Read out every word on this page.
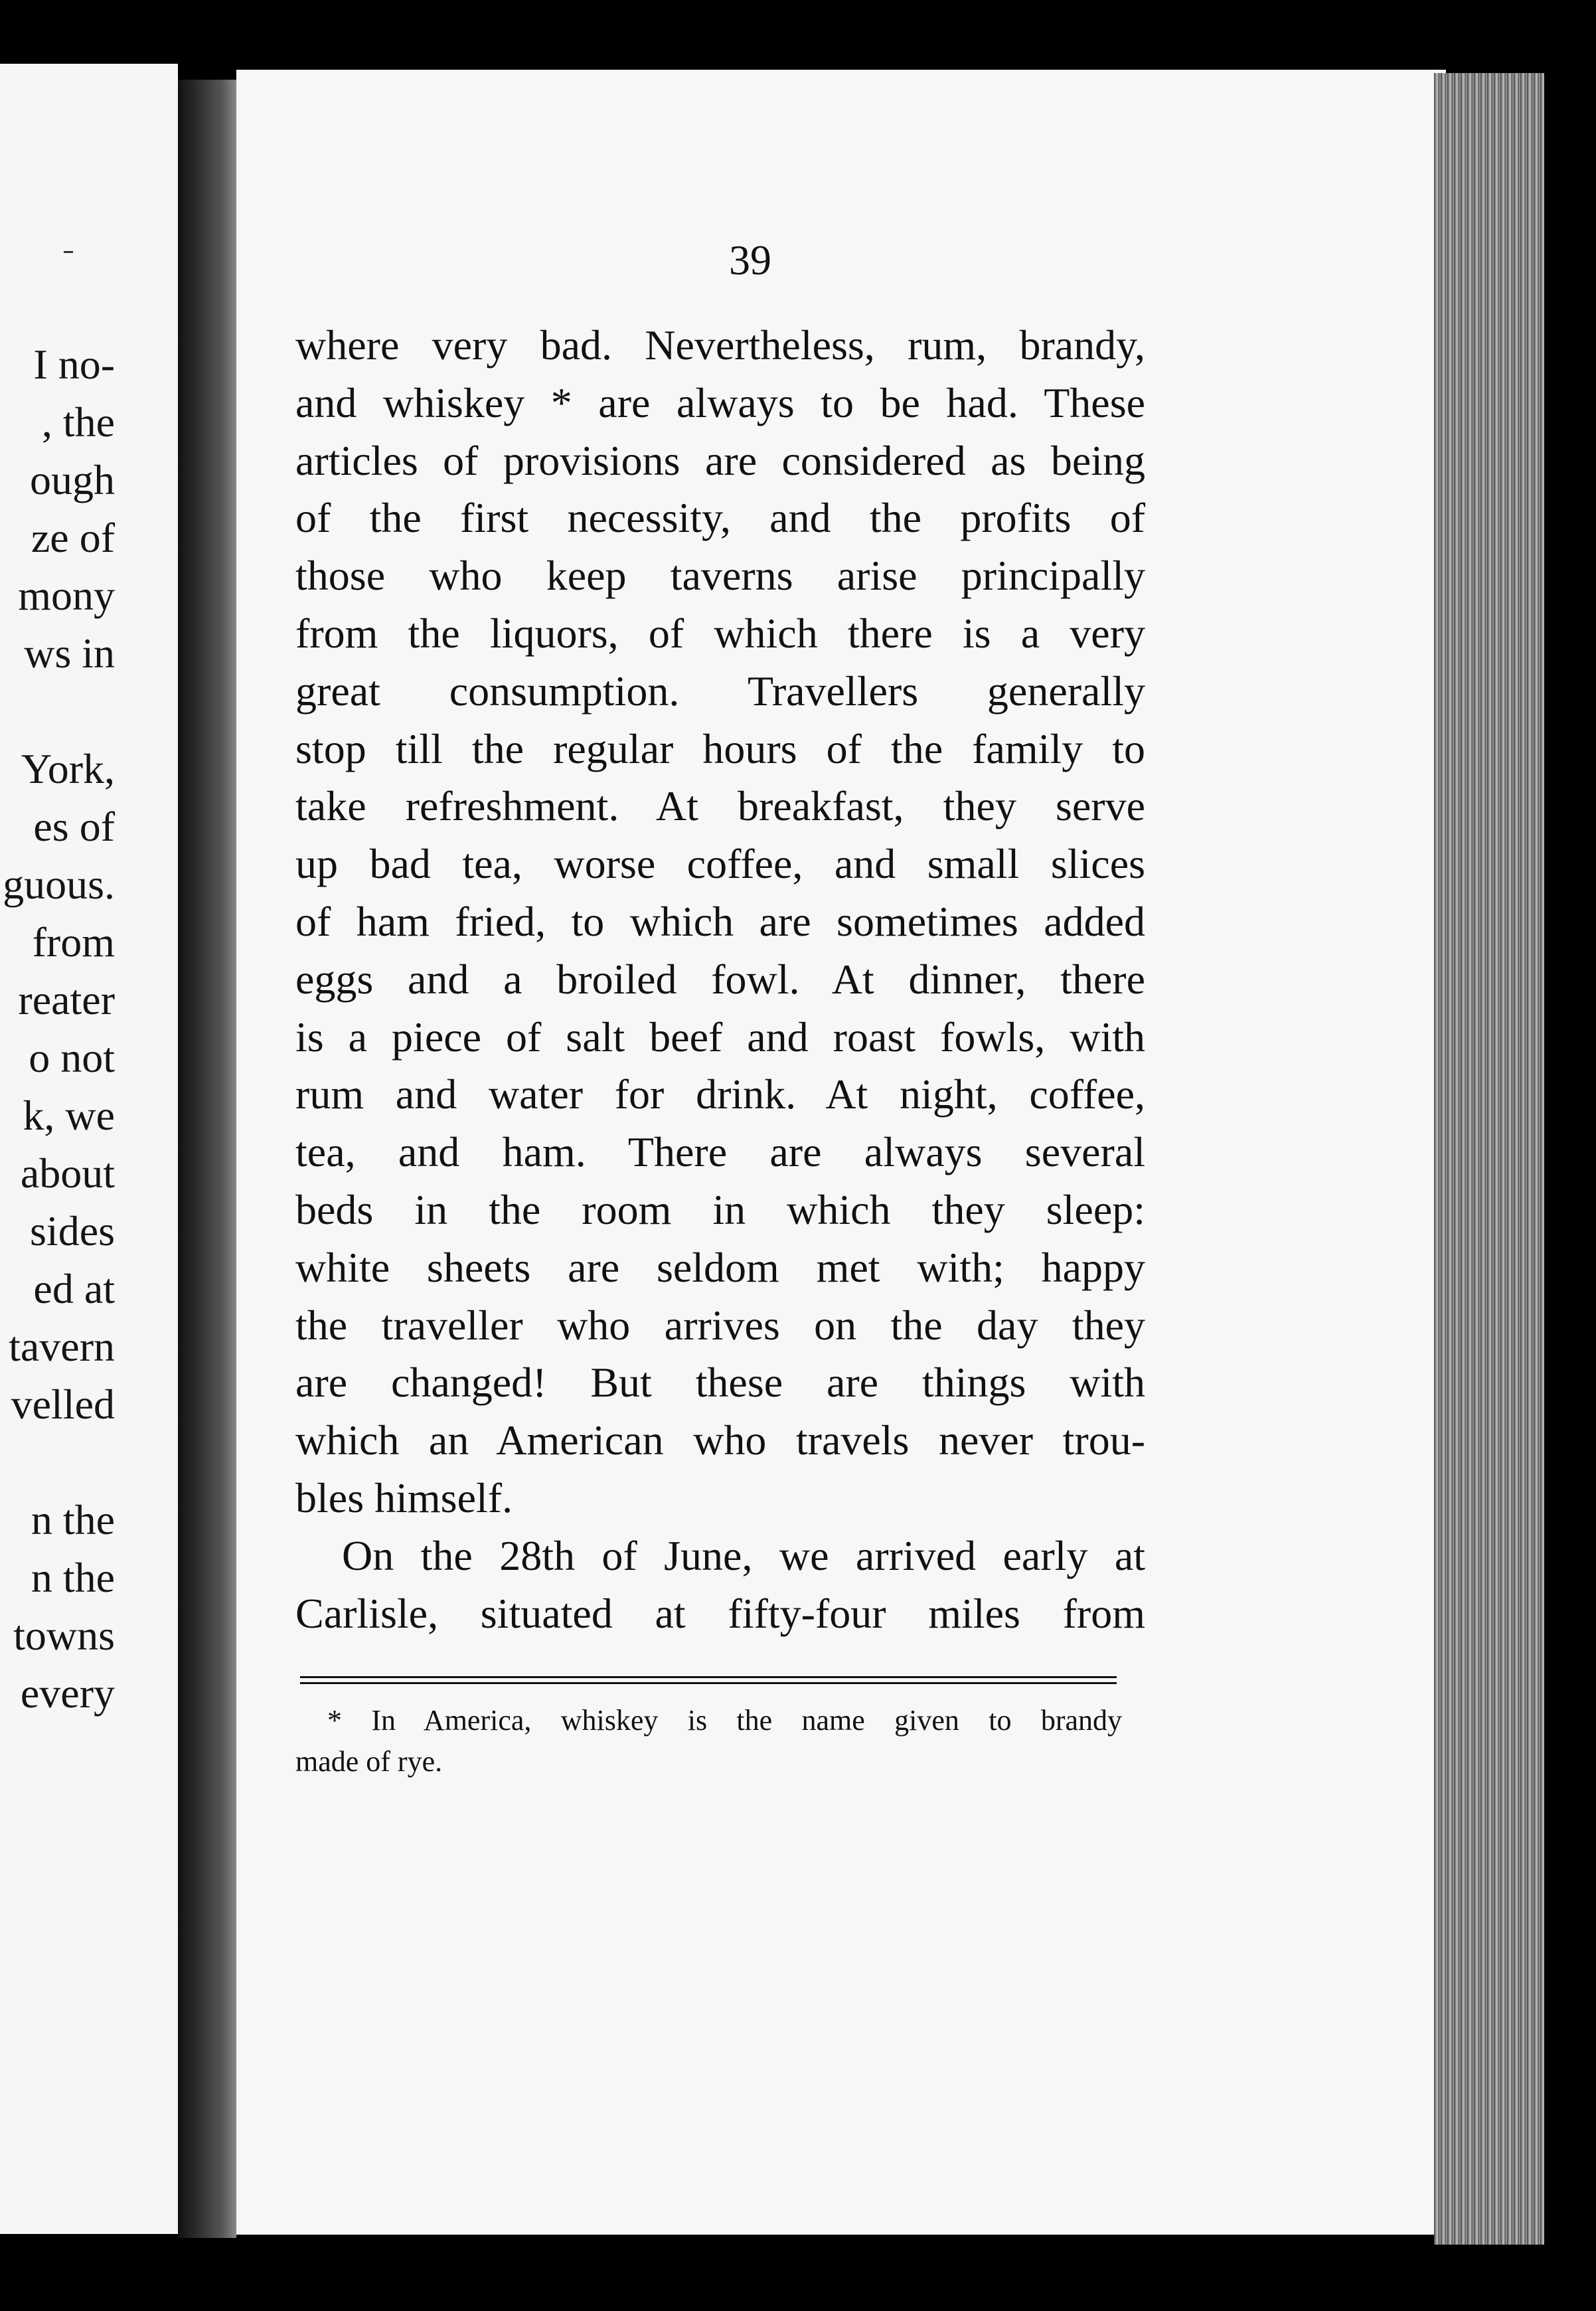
I no-
, the
ough
ze of
mony
ws in
York,
es of
guous.
from
reater
o not
k, we
about
sides
ed at
tavern
velled
n the
n the
towns
every
39
where very bad. Nevertheless, rum, brandy,
and whiskey * are always to be had. These
articles of provisions are considered as being
of the first necessity, and the profits of
those who keep taverns arise principally
from the liquors, of which there is a very
great consumption. Travellers generally
stop till the regular hours of the family to
take refreshment. At breakfast, they serve
up bad tea, worse coffee, and small slices
of ham fried, to which are sometimes added
eggs and a broiled fowl. At dinner, there
is a piece of salt beef and roast fowls, with
rum and water for drink. At night, coffee,
tea, and ham. There are always several
beds in the room in which they sleep:
white sheets are seldom met with; happy
the traveller who arrives on the day they
are changed! But these are things with
which an American who travels never trou-
bles himself.
On the 28th of June, we arrived early at
Carlisle, situated at fifty-four miles from
* In America, whiskey is the name given to brandy
made of rye.
